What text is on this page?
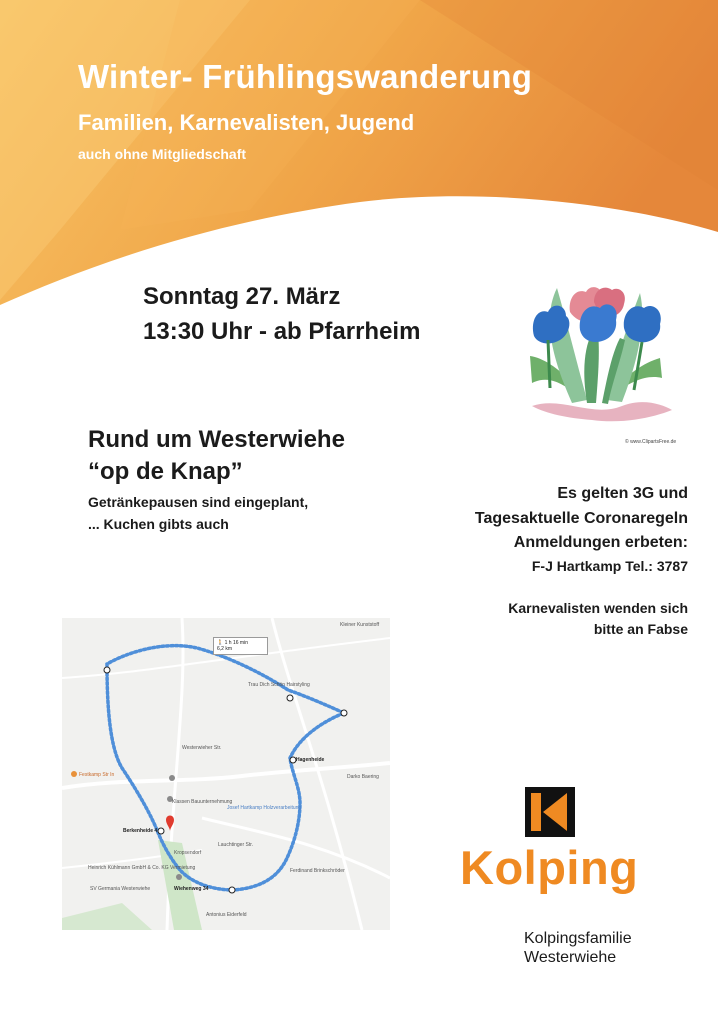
Winter- Frühlingswanderung

Familien, Karnevalisten, Jugend

auch ohne Mitgliedschaft

Sonntag 27. März
13:30 Uhr - ab Pfarrheim
© www.ClipartsFree.de
Rund um Westerwiehe
“op de Knap”
Getränkepausen sind eingeplant,
... Kuchen gibts auch
Es gelten 3G und
Tagesaktuelle Coronaregeln
Anmeldungen erbeten:
F-J Hartkamp Tel.: 3787
Karnevalisten wenden sich
bitte an Fabse
Westerwieher Str.
Hagenheide
Berkenheide 4
Wiehenweg 34
Klassen Bauunternehmung
Josef Hartkamp Holzverarbeitung
Trau Dich Schön Hairstyling
Heinrich Kühlmann GmbH & Co. KG Vermietung
SV Germania Westerwiehe
Ferdinand Brinkschröder
Antonius Eiderfeld
Kleiner Kunststoff
Darko Baering
Festkamp Str In
Lauchtinger Str.
Kropsendorf
🚶 1 h 16 min
6,2 km
Kolping
Kolpingsfamilie
Westerwiehe
